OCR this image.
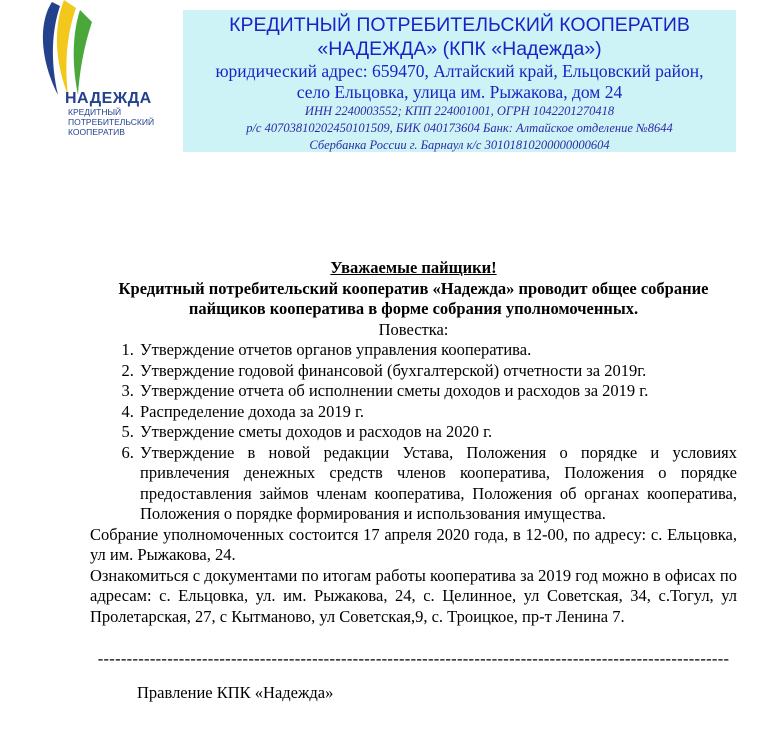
НАДЕЖДА
КРЕДИТНЫЙ
ПОТРЕБИТЕЛЬСКИЙ
КООПЕРАТИВ
КРЕДИТНЫЙ ПОТРЕБИТЕЛЬСКИЙ КООПЕРАТИВ
«НАДЕЖДА» (КПК «Надежда»)
юридический адрес: 659470, Алтайский край, Ельцовский район,
село Ельцовка, улица им. Рыжакова, дом 24
ИНН 2240003552; КПП 224001001, ОГРН 1042201270418
р/с 40703810202450101509, БИК 040173604 Банк: Алтайское отделение №8644
Сбербанка России г. Барнаул к/с 30101810200000000604
Уважаемые пайщики!
Кредитный потребительский кооператив «Надежда» проводит общее собрание
пайщиков кооператива в форме собрания уполномоченных.
Повестка:
1. Утверждение отчетов органов управления кооператива.
2. Утверждение годовой финансовой (бухгалтерской) отчетности за 2019г.
3. Утверждение отчета об исполнении сметы доходов и расходов за 2019 г.
4. Распределение дохода за 2019 г.
5. Утверждение сметы доходов и расходов на 2020 г.
6. Утверждение в новой редакции Устава, Положения о порядке и условиях привлечения денежных средств членов кооператива, Положения о порядке предоставления займов членам кооператива, Положения об органах кооператива, Положения о порядке формирования и использования имущества.
Собрание уполномоченных состоится 17 апреля 2020 года, в 12-00, по адресу: с. Ельцовка, ул им. Рыжакова, 24.
Ознакомиться с документами по итогам работы кооператива за 2019 год можно в офисах по адресам: с. Ельцовка, ул. им. Рыжакова, 24, с. Целинное, ул Советская, 34, с.Тогул, ул Пролетарская, 27, с Кытманово, ул Советская,9, с. Троицкое, пр-т Ленина 7.
-------------------------------------------------------------------------------------------------------------
Правление КПК «Надежда»
